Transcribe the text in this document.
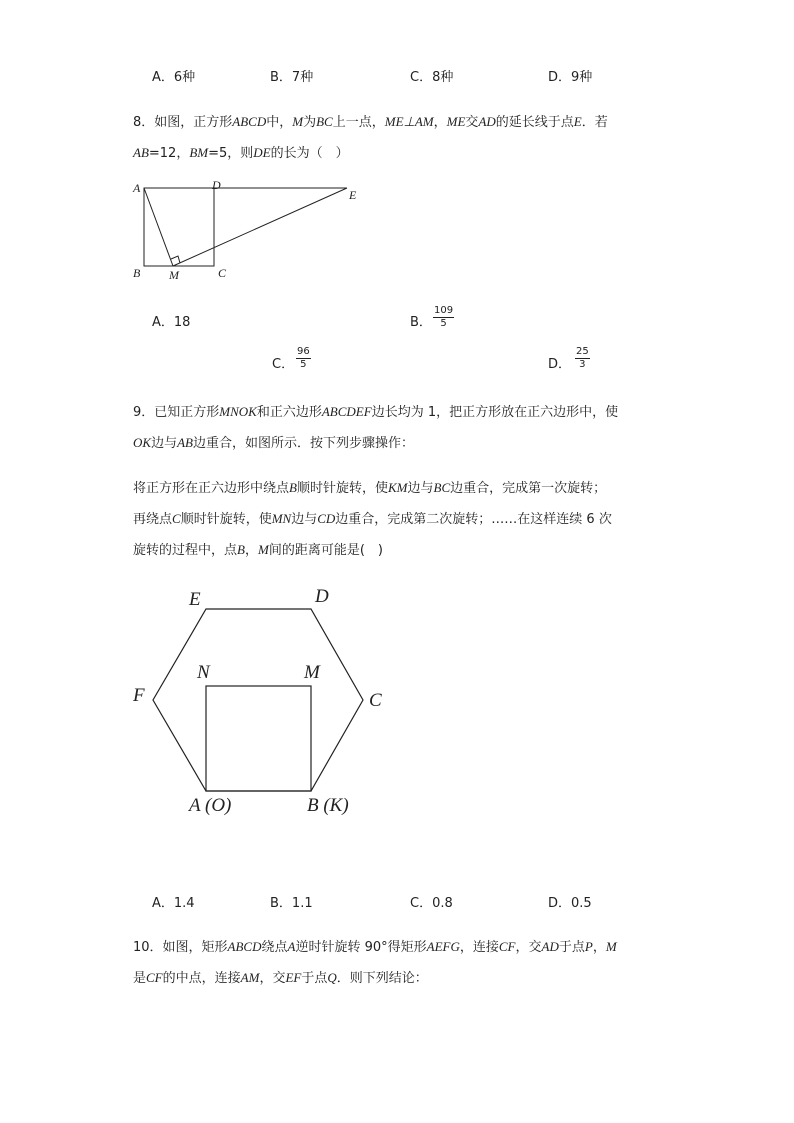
A．6种	B．7种	C．8种	D．9种
8．如图，正方形ABCD中，M为BC上一点，ME⊥AM，ME交AD的延长线于点E．若
AB=12，BM=5，则DE的长为（　）
A	D
E
B M	C
A．18	B． $\frac{109}{5}$
C． $\frac{96}{5}$	D． $\frac{25}{3}$
9．已知正方形MNOK和正六边形ABCDEF边长均为 1，把正方形放在正六边形中，使
OK边与AB边重合，如图所示．按下列步骤操作：
将正方形在正六边形中绕点B顺时针旋转，使KM边与BC边重合，完成第一次旋转；
再绕点C顺时针旋转，使MN边与CD边重合，完成第二次旋转；……在这样连续 6 次
旋转的过程中，点B，M间的距离可能是(　)
E	D
F	C
N	M
A (O)	B (K)
A．1.4	B．1.1	C．0.8	D．0.5
10．如图，矩形ABCD绕点A逆时针旋转 90°得矩形AEFG，连接CF，交AD于点P，M
是CF的中点，连接AM，交EF于点Q．则下列结论：
